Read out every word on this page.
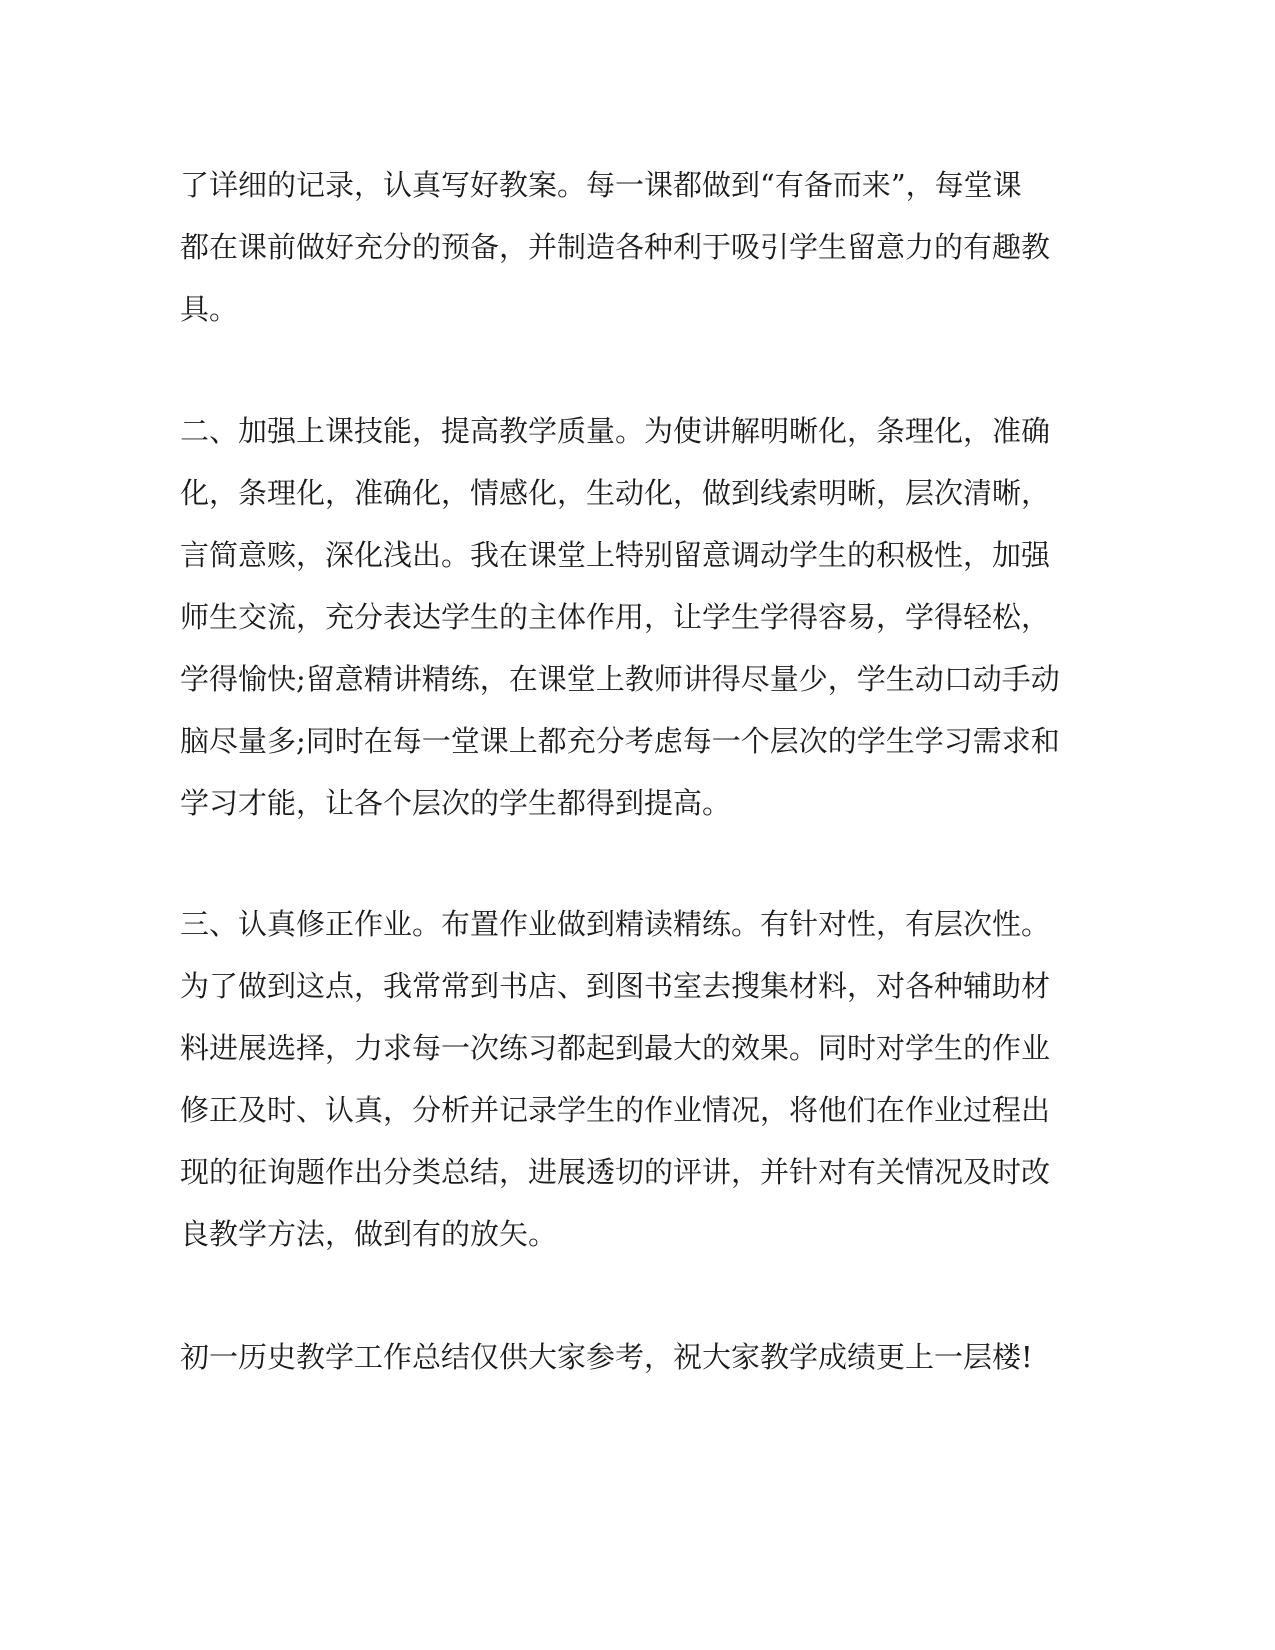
了详细的记录，认真写好教案。每一课都做到“有备而来”，每堂课
都在课前做好充分的预备，并制造各种利于吸引学生留意力的有趣教
具。
二、加强上课技能，提高教学质量。为使讲解明晰化，条理化，准确
化，条理化，准确化，情感化，生动化，做到线索明晰，层次清晰，
言简意赅，深化浅出。我在课堂上特别留意调动学生的积极性，加强
师生交流，充分表达学生的主体作用，让学生学得容易，学得轻松，
学得愉快;留意精讲精练，在课堂上教师讲得尽量少，学生动口动手动
脑尽量多;同时在每一堂课上都充分考虑每一个层次的学生学习需求和
学习才能，让各个层次的学生都得到提高。
三、认真修正作业。布置作业做到精读精练。有针对性，有层次性。
为了做到这点，我常常到书店、到图书室去搜集材料，对各种辅助材
料进展选择，力求每一次练习都起到最大的效果。同时对学生的作业
修正及时、认真，分析并记录学生的作业情况，将他们在作业过程出
现的征询题作出分类总结，进展透切的评讲，并针对有关情况及时改
良教学方法，做到有的放矢。
初一历史教学工作总结仅供大家参考，祝大家教学成绩更上一层楼!
